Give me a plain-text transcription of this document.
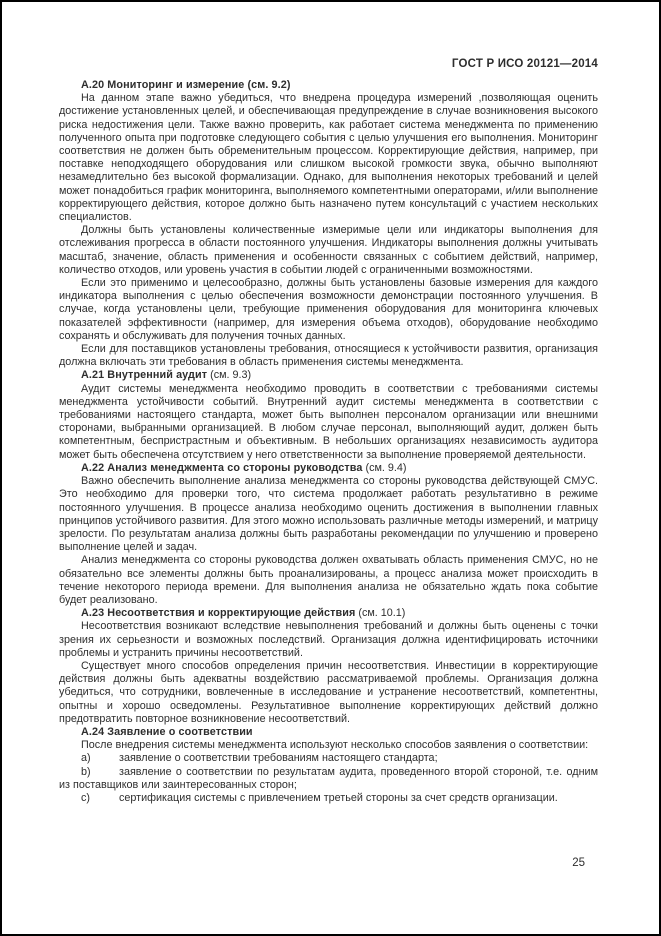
ГОСТ Р ИСО 20121—2014

А.20 Мониторинг и измерение (см. 9.2)

На данном этапе важно убедиться, что внедрена процедура измерений ,позволяющая оценить достижение установленных целей, и обеспечивающая предупреждение в случае возникновения высокого риска недостижения цели. Также важно проверить, как работает система менеджмента по применению полученного опыта при подготовке следующего события с целью улучшения его выполнения. Мониторинг соответствия не должен быть обременительным процессом. Корректирующие действия, например, при поставке неподходящего оборудования или слишком высокой громкости звука, обычно выполняют незамедлительно без высокой формализации. Однако, для выполнения некоторых требований и целей может понадобиться график мониторинга, выполняемого компетентными операторами, и/или выполнение корректирующего действия, которое должно быть назначено путем консультаций с участием нескольких специалистов.

Должны быть установлены количественные измеримые цели или индикаторы выполнения для отслеживания прогресса в области постоянного улучшения. Индикаторы выполнения должны учитывать масштаб, значение, область применения и особенности связанных с событием действий, например, количество отходов, или уровень участия в событии людей с ограниченными возможностями.

Если это применимо и целесообразно, должны быть установлены базовые измерения для каждого индикатора выполнения с целью обеспечения возможности демонстрации постоянного улучшения. В случае, когда установлены цели, требующие применения оборудования для мониторинга ключевых показателей эффективности (например, для измерения объема отходов), оборудование необходимо сохранять и обслуживать для получения точных данных.

Если для поставщиков установлены требования, относящиеся к устойчивости развития, организация должна включать эти требования в область применения системы менеджмента.

А.21 Внутренний аудит (см. 9.3)

Аудит системы менеджмента необходимо проводить в соответствии с требованиями системы менеджмента устойчивости событий. Внутренний аудит системы менеджмента в соответствии с требованиями настоящего стандарта, может быть выполнен персоналом организации или внешними сторонами, выбранными организацией. В любом случае персонал, выполняющий аудит, должен быть компетентным, беспристрастным и объективным. В небольших организациях независимость аудитора может быть обеспечена отсутствием у него ответственности за выполнение проверяемой деятельности.

А.22 Анализ менеджмента со стороны руководства (см. 9.4)

Важно обеспечить выполнение анализа менеджмента со стороны руководства действующей СМУС. Это необходимо для проверки того, что система продолжает работать результативно в режиме постоянного улучшения. В процессе анализа необходимо оценить достижения в выполнении главных принципов устойчивого развития. Для этого можно использовать различные методы измерений, и матрицу зрелости. По результатам анализа должны быть разработаны рекомендации по улучшению и проверено выполнение целей и задач.

Анализ менеджмента со стороны руководства должен охватывать область применения СМУС, но не обязательно все элементы должны быть проанализированы, а процесс анализа может происходить в течение некоторого периода времени. Для выполнения анализа не обязательно ждать пока событие будет реализовано.

А.23 Несоответствия и корректирующие действия (см. 10.1)

Несоответствия возникают вследствие невыполнения требований и должны быть оценены с точки зрения их серьезности и возможных последствий. Организация должна идентифицировать источники проблемы и устранить причины несоответствий.

Существует много способов определения причин несоответствия. Инвестиции в корректирующие действия должны быть адекватны воздействию рассматриваемой проблемы. Организация должна убедиться, что сотрудники, вовлеченные в исследование и устранение несоответствий, компетентны, опытны и хорошо осведомлены. Результативное выполнение корректирующих действий должно предотвратить повторное возникновение несоответствий.

А.24 Заявление о соответствии

После внедрения системы менеджмента используют несколько способов заявления о соответствии:

a)	заявление о соответствии требованиям настоящего стандарта;

b)	заявление о соответствии по результатам аудита, проведенного второй стороной, т.е. одним из поставщиков или заинтересованных сторон;

c)	сертификация системы с привлечением третьей стороны за счет средств организации.

25
